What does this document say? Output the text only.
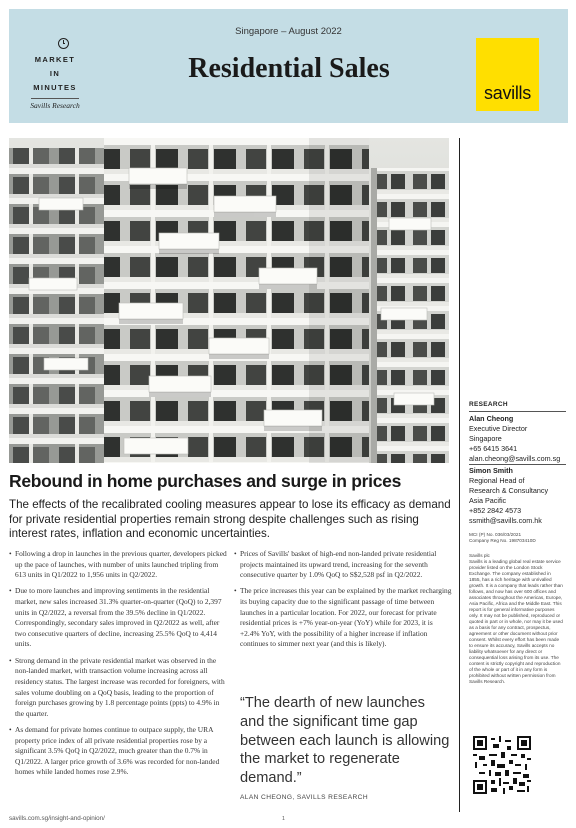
MARKET
IN
MINUTES
Savills Research
Singapore – August 2022
Residential Sales
savills
Rebound in home purchases and surge in prices
The effects of the recalibrated cooling measures appear to lose its efficacy as demand for private residential properties remain strong despite challenges such as rising interest rates, inflation and economic uncertainties.

• Following a drop in launches in the previous quarter, developers picked up the pace of launches, with number of units launched tripling from 613 units in Q1/2022 to 1,956 units in Q2/2022.

• Due to more launches and improving sentiments in the residential market, new sales increased 31.3% quarter-on-quarter (QoQ) to 2,397 units in Q2/2022, a reversal from the 39.5% decline in Q1/2022. Correspondingly, secondary sales improved in Q2/2022 as well, after two consecutive quarters of decline, increasing 25.5% QoQ to 4,414 units.

• Strong demand in the private residential market was observed in the non-landed market, with transaction volume increasing across all residency status. The largest increase was recorded for foreigners, with sales volume doubling on a QoQ basis, leading to the proportion of foreign purchases growing by 1.8 percentage points (ppts) to 4.9% in the quarter.

• As demand for private homes continue to outpace supply, the URA property price index of all private residential properties rose by a significant 3.5% QoQ in Q2/2022, much greater than the 0.7% in Q1/2022. A larger price growth of 3.6% was recorded for non-landed homes while landed homes rose 2.9%.

• Prices of Savills' basket of high-end non-landed private residential projects maintained its upward trend, increasing for the seventh consecutive quarter by 1.0% QoQ to S$2,528 psf in Q2/2022.

• The price increases this year can be explained by the market recharging its buying capacity due to the significant passage of time between launches in a particular location. For 2022, our forecast for private residential prices is +7% year-on-year (YoY) while for 2023, it is +2.4% YoY, with the possibility of a higher increase if inflation continues to simmer next year (and this is likely).

“The dearth of new launches and the significant time gap between each launch is allowing the market to regenerate demand.”
ALAN CHEONG, SAVILLS RESEARCH
RESEARCH
Alan Cheong
Executive Director
Singapore
+65 6415 3641
alan.cheong@savills.com.sg
Simon Smith
Regional Head of
Research & Consultancy
Asia Pacific
+852 2842 4573
ssmith@savills.com.hk
MCI (P) No. 036/03/2021
Company Reg No. 198703410D
Savills plc
Savills is a leading global real estate service provider listed on the London Stock Exchange. The company established in 1855, has a rich heritage with unrivalled growth. It is a company that leads rather than follows, and now has over 600 offices and associates throughout the Americas, Europe, Asia Pacific, Africa and the Middle East. This report is for general informative purposes only. It may not be published, reproduced or quoted in part or in whole, nor may it be used as a basis for any contract, prospectus, agreement or other document without prior consent. Whilst every effort has been made to ensure its accuracy, Savills accepts no liability whatsoever for any direct or consequential loss arising from its use. The content is strictly copyright and reproduction of the whole or part of it in any form is prohibited without written permission from Savills Research.
savills.com.sg/insight-and-opinion/	1
